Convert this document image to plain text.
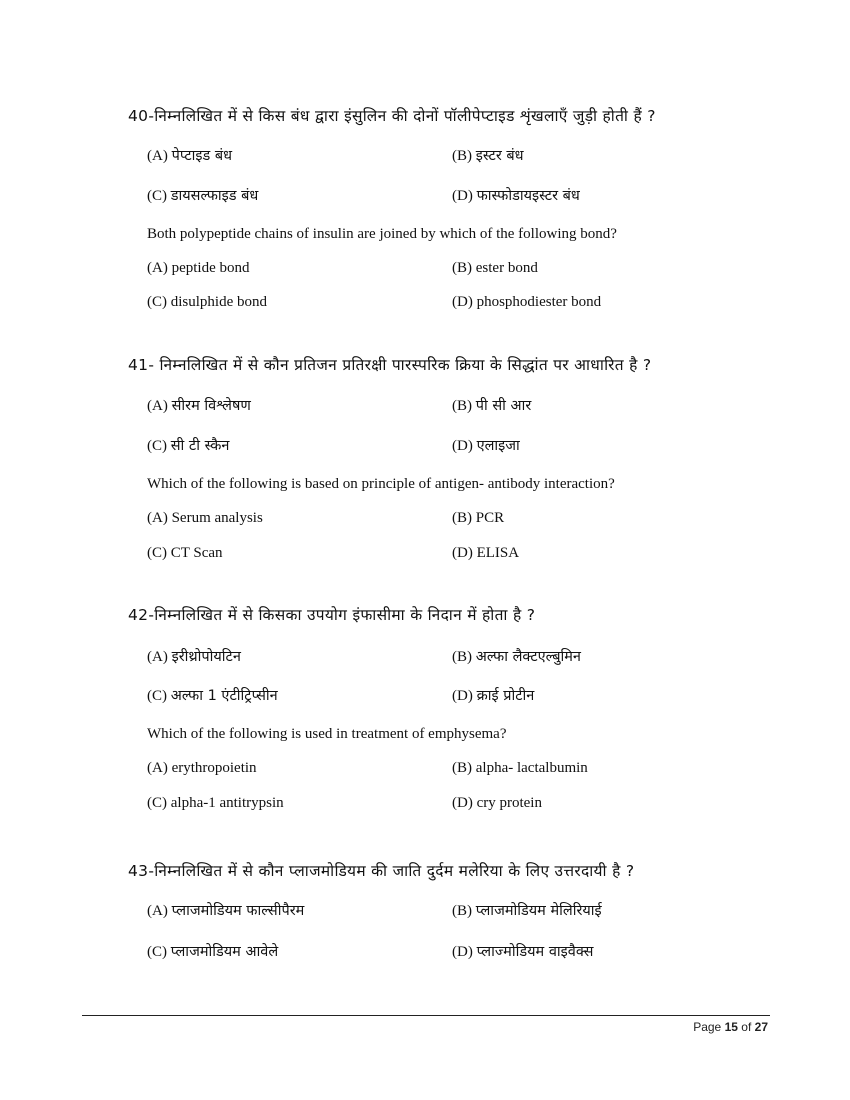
40-निम्नलिखित में से किस बंध द्वारा इंसुलिन की दोनों पॉलीपेप्टाइड शृंखलाएँ जुड़ी होती हैं ?
(A) पेप्टाइड बंध	(B) इस्टर बंध
(C) डायसल्फाइड बंध	(D) फास्फोडायइस्टर बंध
Both polypeptide chains of insulin are joined by which of the following bond?
(A) peptide bond	(B) ester bond
(C) disulphide bond	(D) phosphodiester bond
41- निम्नलिखित में से कौन प्रतिजन प्रतिरक्षी पारस्परिक क्रिया के सिद्धांत पर आधारित है ?
(A) सीरम विश्लेषण	(B) पी सी आर
(C) सी टी स्कैन	(D) एलाइजा
Which of the following is based on principle of antigen- antibody interaction?
(A) Serum analysis	(B) PCR
(C) CT Scan	(D) ELISA
42-निम्नलिखित में से किसका उपयोग इंफासीमा के निदान में होता है ?
(A) इरीथ्रोपोयटिन	(B) अल्फा लैक्टएल्बुमिन
(C) अल्फा 1 एंटीट्रिप्सीन	(D) क्राई प्रोटीन
Which of the following is used in treatment of emphysema?
(A) erythropoietin	(B) alpha- lactalbumin
(C) alpha-1 antitrypsin	(D) cry protein
43-निम्नलिखित में से कौन प्लाजमोडियम की जाति दुर्दम मलेरिया के लिए उत्तरदायी है ?
(A) प्लाजमोडियम फाल्सीपैरम	(B) प्लाजमोडियम मेलिरियाई
(C) प्लाजमोडियम आवेले	(D) प्लाज्मोडियम वाइवैक्स
Page 15 of 27
